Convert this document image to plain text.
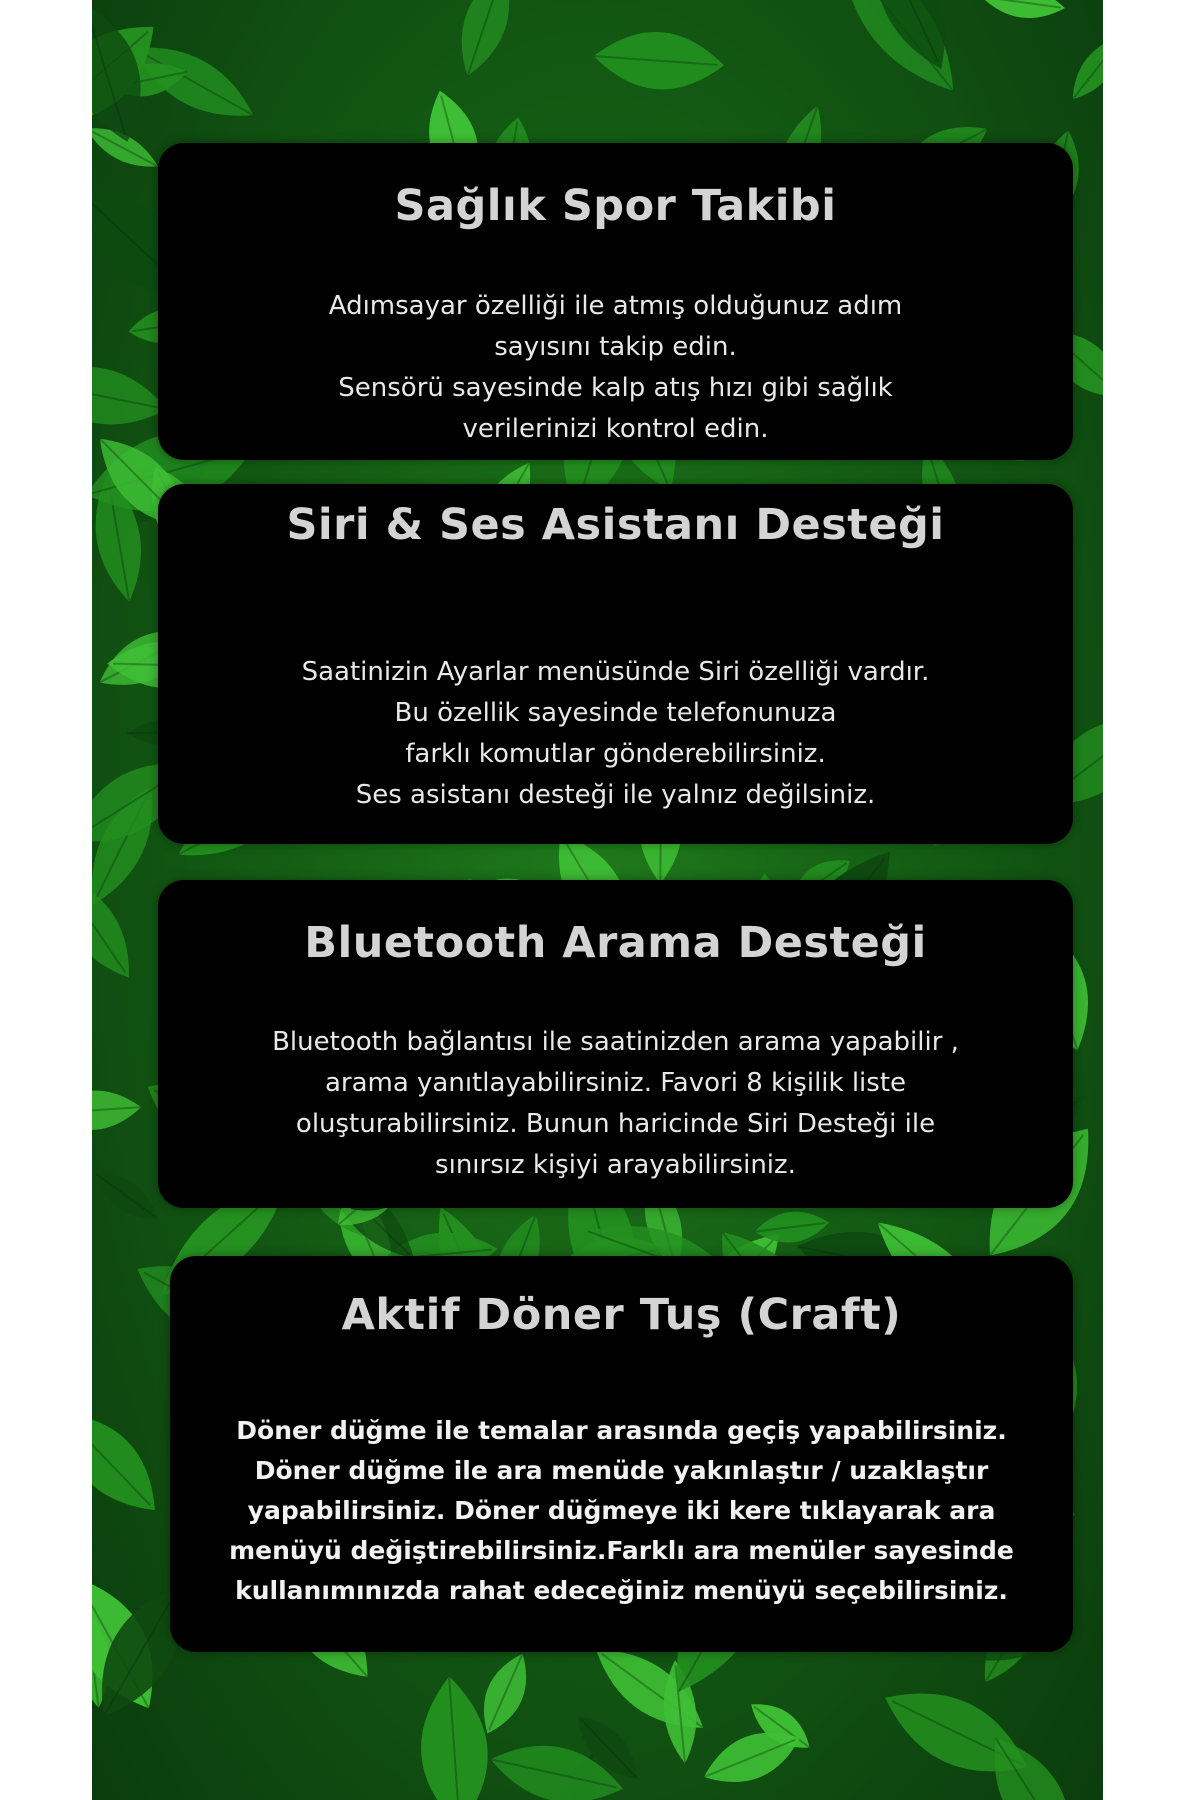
Sağlık Spor Takibi
Adımsayar özelliği ile atmış olduğunuz adım
sayısını takip edin.
Sensörü sayesinde kalp atış hızı gibi sağlık
verilerinizi kontrol edin.
Siri & Ses Asistanı Desteği
Saatinizin Ayarlar menüsünde Siri özelliği vardır.
Bu özellik sayesinde telefonunuza
farklı komutlar gönderebilirsiniz.
Ses asistanı desteği ile yalnız değilsiniz.
Bluetooth Arama Desteği
Bluetooth bağlantısı ile saatinizden arama yapabilir ,
arama yanıtlayabilirsiniz. Favori 8 kişilik liste
oluşturabilirsiniz. Bunun haricinde Siri Desteği ile
sınırsız kişiyi arayabilirsiniz.
Aktif Döner Tuş (Craft)
Döner düğme ile temalar arasında geçiş yapabilirsiniz.
Döner düğme ile ara menüde yakınlaştır / uzaklaştır
yapabilirsiniz. Döner düğmeye iki kere tıklayarak ara
menüyü değiştirebilirsiniz.Farklı ara menüler sayesinde
kullanımınızda rahat edeceğiniz menüyü seçebilirsiniz.
